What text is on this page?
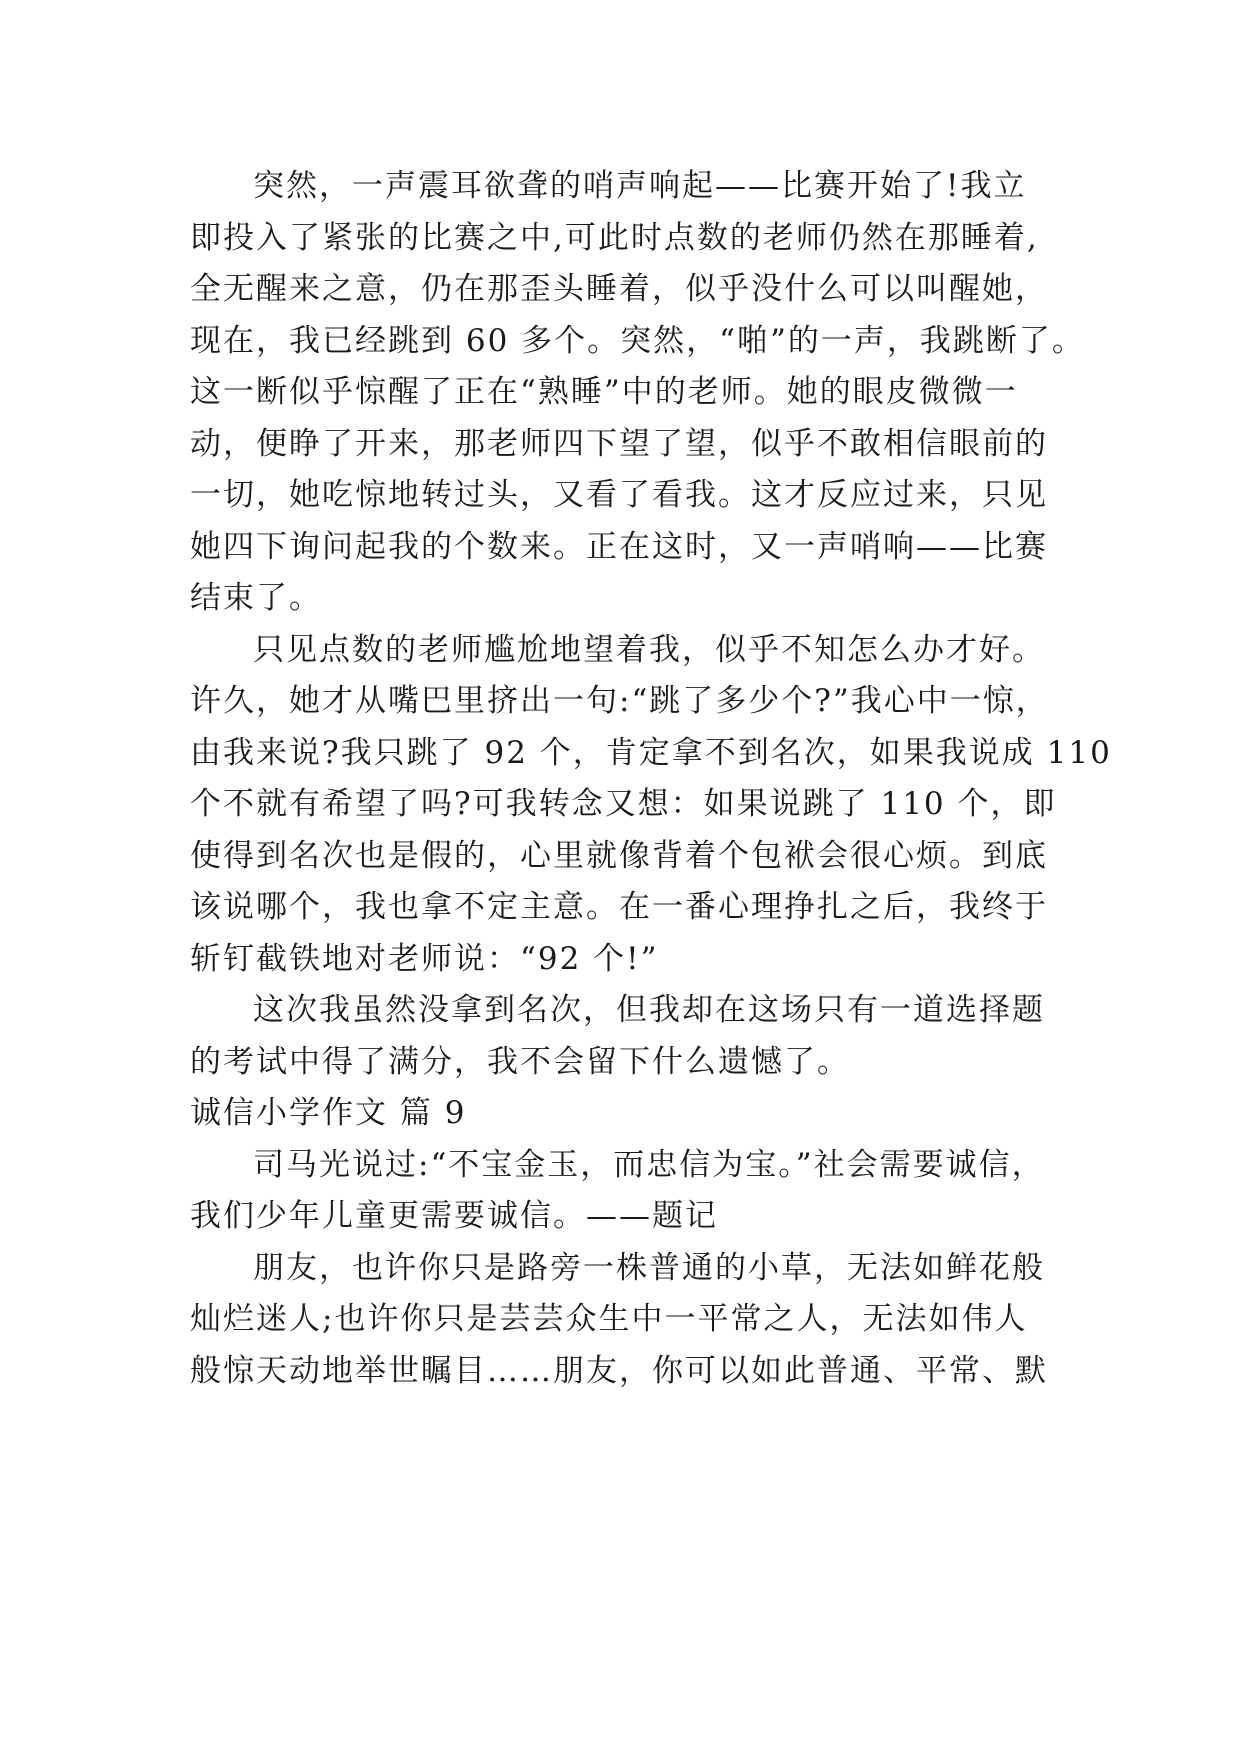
突然，一声震耳欲聋的哨声响起——比赛开始了!我立
即投入了紧张的比赛之中,可此时点数的老师仍然在那睡着,
全无醒来之意，仍在那歪头睡着，似乎没什么可以叫醒她，
现在，我已经跳到 60 多个。突然，“啪”的一声，我跳断了。
这一断似乎惊醒了正在“熟睡”中的老师。她的眼皮微微一
动，便睁了开来，那老师四下望了望，似乎不敢相信眼前的
一切，她吃惊地转过头，又看了看我。这才反应过来，只见
她四下询问起我的个数来。正在这时，又一声哨响——比赛
结束了。
只见点数的老师尴尬地望着我，似乎不知怎么办才好。
许久，她才从嘴巴里挤出一句:“跳了多少个?”我心中一惊，
由我来说?我只跳了 92 个，肯定拿不到名次，如果我说成 110
个不就有希望了吗?可我转念又想：如果说跳了 110 个，即
使得到名次也是假的，心里就像背着个包袱会很心烦。到底
该说哪个，我也拿不定主意。在一番心理挣扎之后，我终于
斩钉截铁地对老师说：“92 个!”
这次我虽然没拿到名次，但我却在这场只有一道选择题
的考试中得了满分，我不会留下什么遗憾了。
诚信小学作文 篇 9
司马光说过:“不宝金玉，而忠信为宝。”社会需要诚信，
我们少年儿童更需要诚信。——题记
朋友，也许你只是路旁一株普通的小草，无法如鲜花般
灿烂迷人;也许你只是芸芸众生中一平常之人，无法如伟人
般惊天动地举世瞩目……朋友，你可以如此普通、平常、默
